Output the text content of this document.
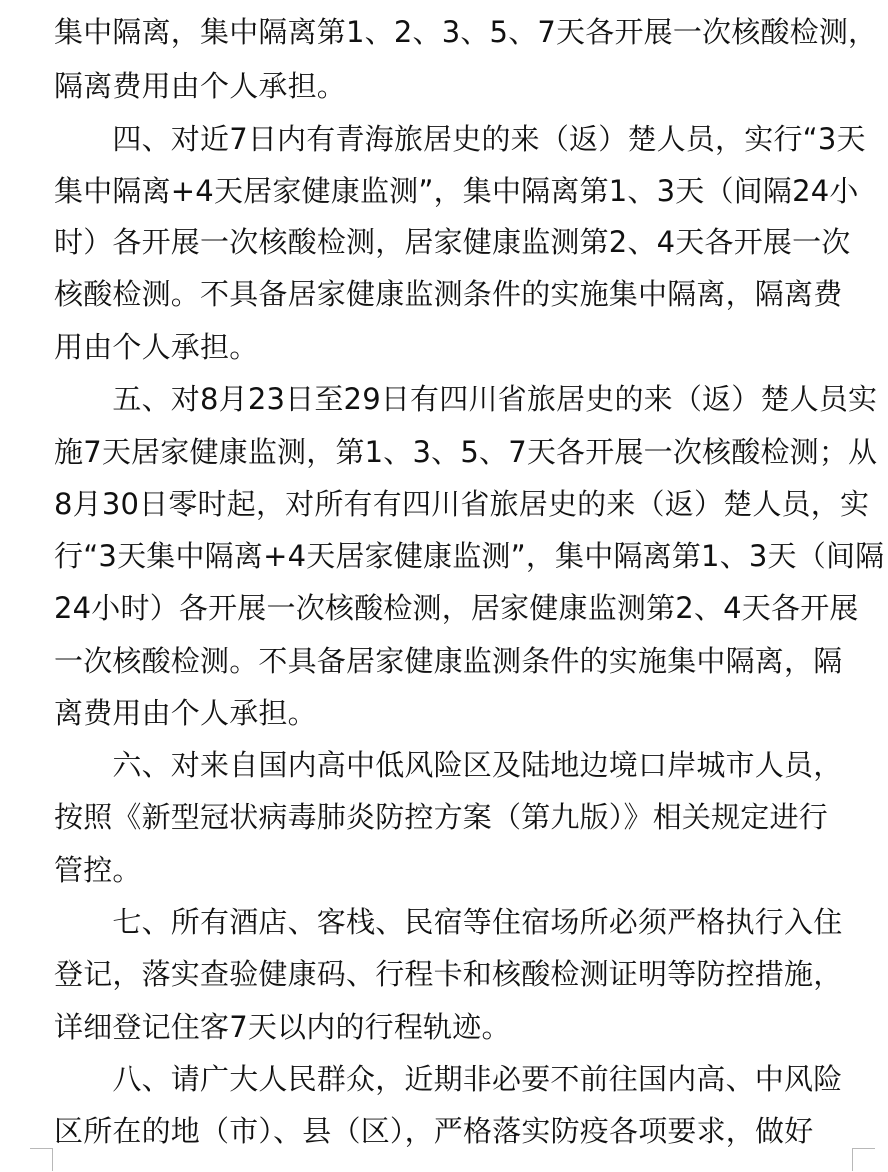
集中隔离，集中隔离第1、2、3、5、7天各开展一次核酸检测，
隔离费用由个人承担。
　　四、对近7日内有青海旅居史的来（返）楚人员，实行“3天
集中隔离+4天居家健康监测”，集中隔离第1、3天（间隔24小
时）各开展一次核酸检测，居家健康监测第2、4天各开展一次
核酸检测。不具备居家健康监测条件的实施集中隔离，隔离费
用由个人承担。
　　五、对8月23日至29日有四川省旅居史的来（返）楚人员实
施7天居家健康监测，第1、3、5、7天各开展一次核酸检测；从
8月30日零时起，对所有有四川省旅居史的来（返）楚人员，实
行“3天集中隔离+4天居家健康监测”，集中隔离第1、3天（间隔
24小时）各开展一次核酸检测，居家健康监测第2、4天各开展
一次核酸检测。不具备居家健康监测条件的实施集中隔离，隔
离费用由个人承担。
　　六、对来自国内高中低风险区及陆地边境口岸城市人员，
按照《新型冠状病毒肺炎防控方案（第九版）》相关规定进行
管控。
　　七、所有酒店、客栈、民宿等住宿场所必须严格执行入住
登记，落实查验健康码、行程卡和核酸检测证明等防控措施，
详细登记住客7天以内的行程轨迹。
　　八、请广大人民群众，近期非必要不前往国内高、中风险
区所在的地（市）、县（区），严格落实防疫各项要求，做好
